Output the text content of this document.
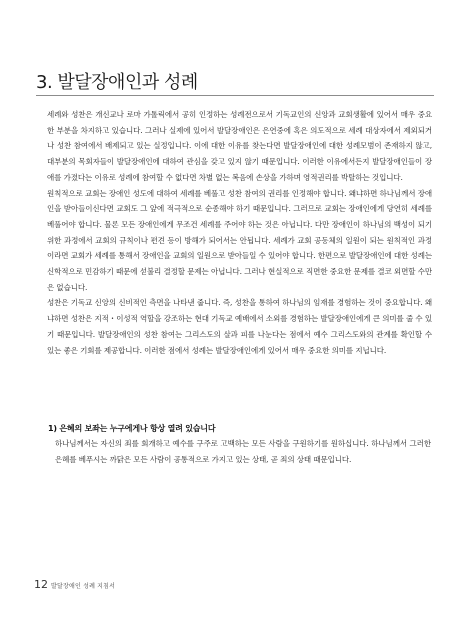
3. 발달장애인과 성례

세례와 성찬은 개신교나 로마 가톨릭에서 공히 인정하는 성례전으로서 기독교인의 신앙과 교회생활에 있어서 매우 중요한 부분을 차지하고 있습니다. 그러나 실제에 있어서 발달장애인은 은연중에 혹은 의도적으로 세례 대상자에서 제외되거나 성찬 참여에서 배제되고 있는 실정입니다. 이에 대한 이유를 찾는다면 발달장애인에 대한 성례모범이 존재하지 않고, 대부분의 목회자들이 발달장애인에 대하여 관심을 갖고 있지 않기 때문입니다. 이러한 이유에서든지 발달장애인들이 장애를 가졌다는 이유로 성례에 참여할 수 없다면 차별 없는 복음에 손상을 가하며 영적권리를 박탈하는 것입니다.

원칙적으로 교회는 장애인 성도에 대하여 세례를 베풀고 성찬 참여의 권리를 인정해야 합니다. 왜냐하면 하나님께서 장애인을 받아들이신다면 교회도 그 앞에 적극적으로 순종해야 하기 때문입니다. 그러므로 교회는 장애인에게 당연히 세례를 베풀어야 합니다. 물론 모든 장애인에게 무조건 세례를 주어야 하는 것은 아닙니다. 다만 장애인이 하나님의 백성이 되기 위한 과정에서 교회의 규칙이나 편견 등이 방해가 되어서는 안됩니다. 세례가 교회 공동체의 일원이 되는 원칙적인 과정이라면 교회가 세례를 통해서 장애인을 교회의 일원으로 받아들일 수 있어야 합니다. 한편으로 발달장애인에 대한 성례는 신학적으로 민감하기 때문에 섣불리 결정할 문제는 아닙니다. 그러나 현실적으로 직면한 중요한 문제를 결코 외면할 수만은 없습니다.

성찬은 기독교 신앙의 신비적인 측면을 나타낸 줍니다. 즉, 성찬을 통하여 하나님의 임재를 경험하는 것이 중요합니다. 왜냐하면 성찬은 지적・이성적 역할을 강조하는 현대 기독교 예배에서 소외를 경험하는 발달장애인에게 큰 의미를 줄 수 있기 때문입니다. 발달장애인의 성찬 참여는 그리스도의 살과 피를 나눈다는 점에서 예수 그리스도와의 관계를 확인할 수 있는 좋은 기회를 제공합니다. 이러한 점에서 성례는 발달장애인에게 있어서 매우 중요한 의미를 지닙니다.

1) 은혜의 보좌는 누구에게나 항상 열려 있습니다

하나님께서는 자신의 죄를 회개하고 예수를 구주로 고백하는 모든 사람을 구원하기를 원하십니다. 하나님께서 그러한 은혜를 베푸시는 까닭은 모든 사람이 공통적으로 가지고 있는 상태, 곧 죄의 상태 때문입니다.

12 발달장애인 성례 지침서
